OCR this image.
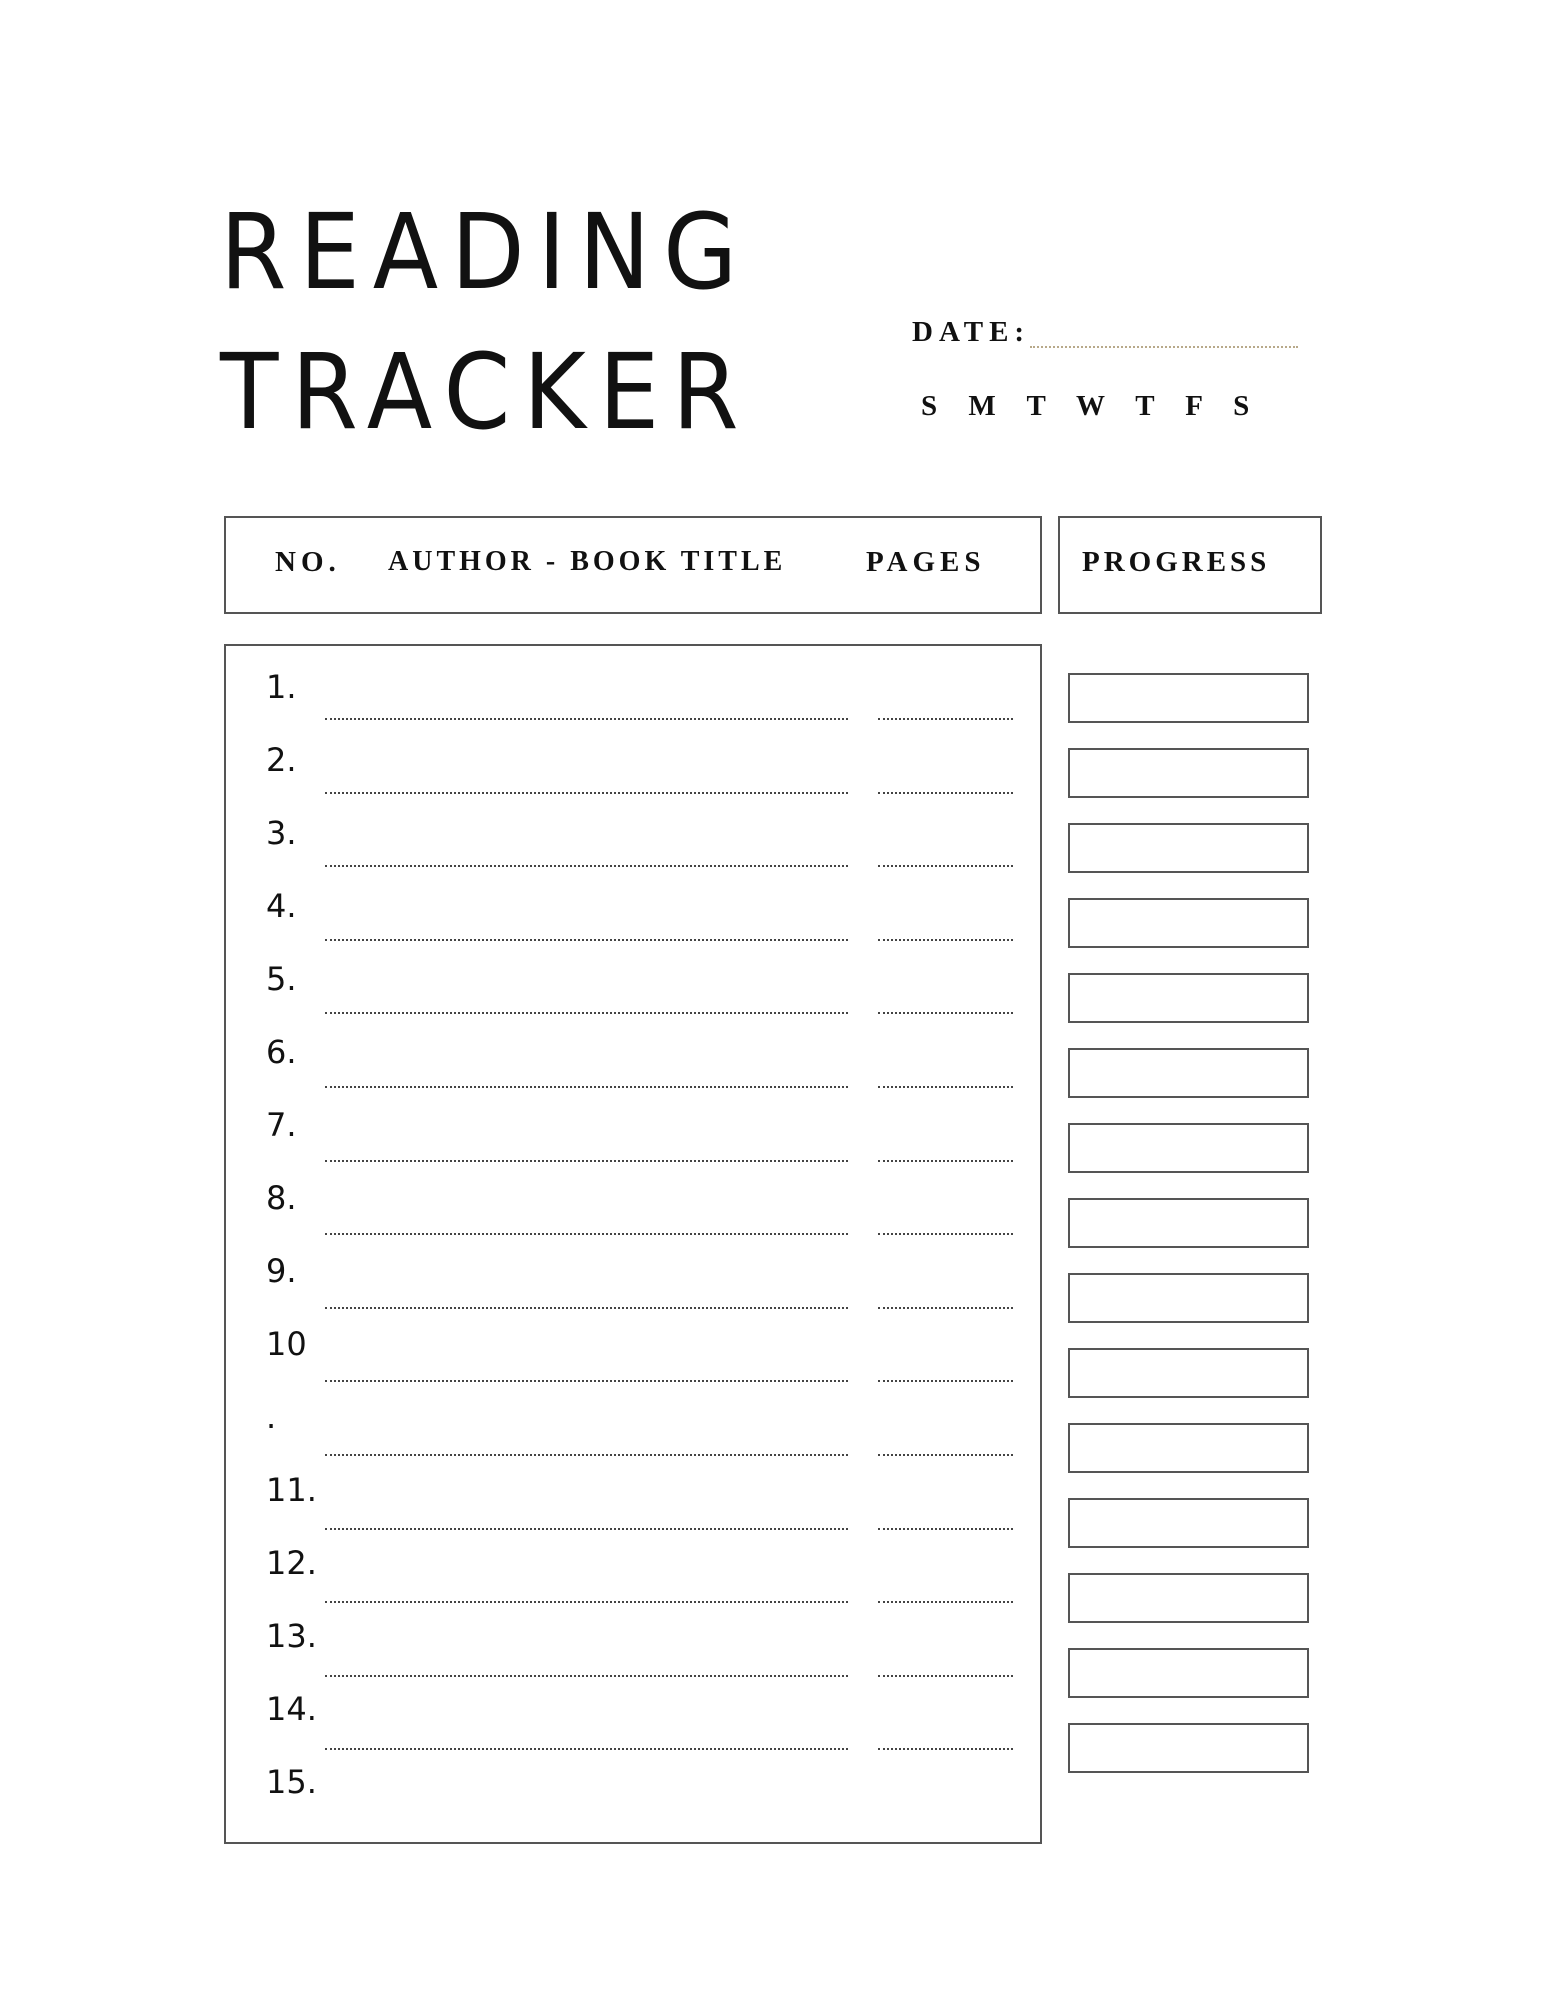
READING
TRACKER	DATE:
S M T W T F S
NO. AUTHOR - BOOK TITLE	PAGES	PROGRESS
1.
2.
3.
4.
5.
6.
7.
8.
9.
10
.
11.
12.
13.
14.
15.
